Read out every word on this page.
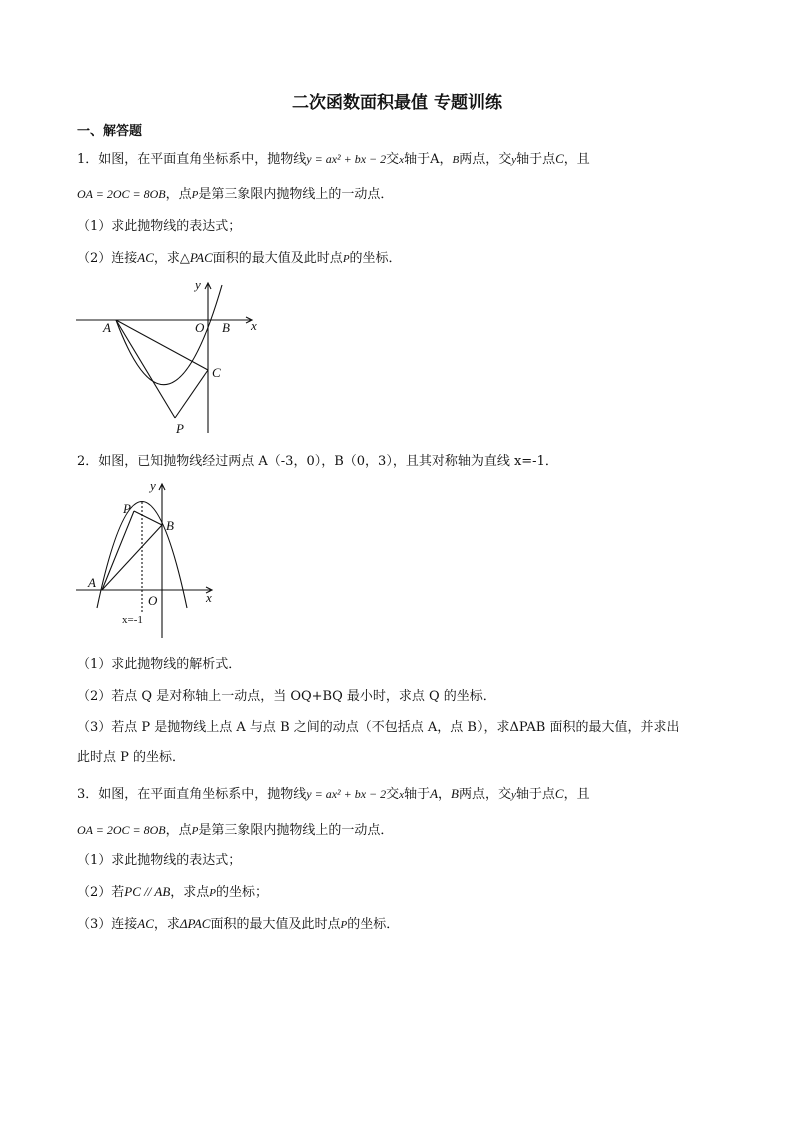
二次函数面积最值 专题训练
一、解答题
1．如图，在平面直角坐标系中，抛物线y = ax² + bx − 2交x轴于A，B两点，交y轴于点C，且
OA = 2OC = 8OB，点P是第三象限内抛物线上的一动点．
（1）求此抛物线的表达式；
（2）连接AC，求△PAC面积的最大值及此时点P的坐标．
y
x
A	O B
C
P
2．如图，已知抛物线经过两点 A（-3，0），B（0，3），且其对称轴为直线 x=-1．
y
x
P
B
A
O
x=-1
（1）求此抛物线的解析式．
（2）若点 Q 是对称轴上一动点，当 OQ+BQ 最小时，求点 Q 的坐标．
（3）若点 P 是抛物线上点 A 与点 B 之间的动点（不包括点 A，点 B），求ΔPAB 面积的最大值，并求出
此时点 P 的坐标．
3．如图，在平面直角坐标系中，抛物线y = ax² + bx − 2交x轴于A，B两点，交y轴于点C，且
OA = 2OC = 8OB，点P是第三象限内抛物线上的一动点．
（1）求此抛物线的表达式；
（2）若PC // AB，求点P的坐标；
（3）连接AC，求ΔPAC面积的最大值及此时点P的坐标．
